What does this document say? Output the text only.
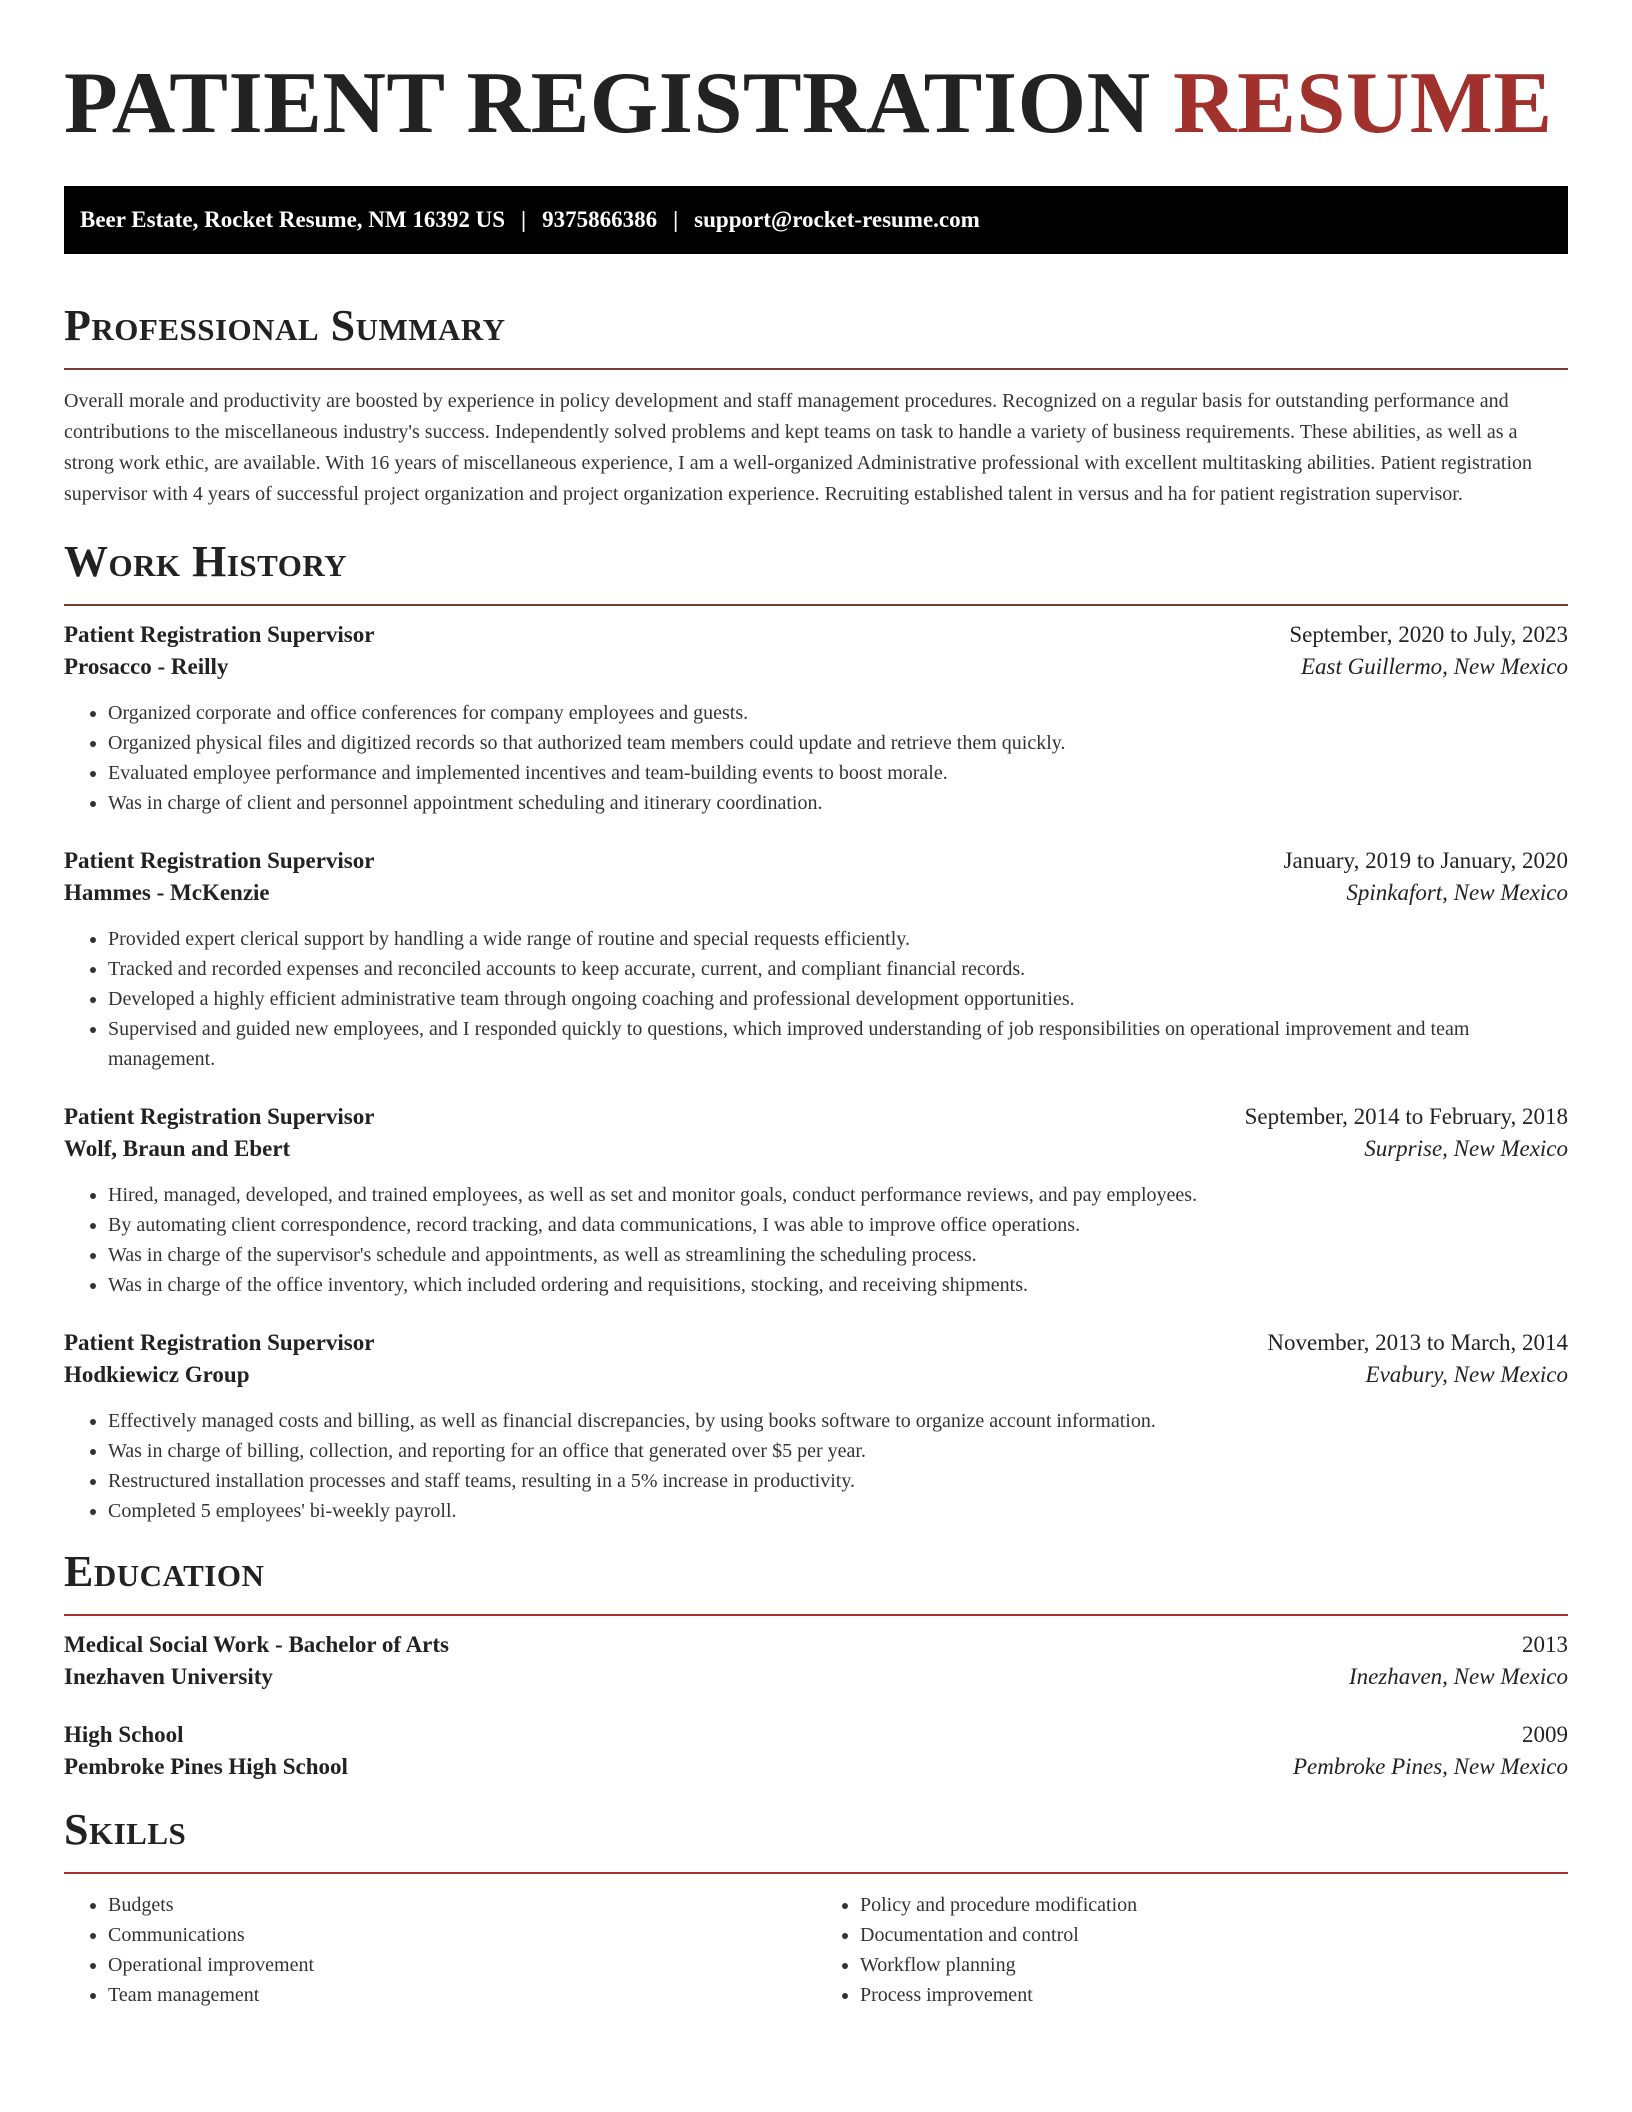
PATIENT REGISTRATION RESUME
Beer Estate, Rocket Resume, NM 16392 US | 9375866386 | support@rocket-resume.com
Professional Summary

Overall morale and productivity are boosted by experience in policy development and staff management procedures. Recognized on a regular basis for outstanding performance and contributions to the miscellaneous industry's success. Independently solved problems and kept teams on task to handle a variety of business requirements. These abilities, as well as a strong work ethic, are available. With 16 years of miscellaneous experience, I am a well-organized Administrative professional with excellent multitasking abilities. Patient registration supervisor with 4 years of successful project organization and project organization experience. Recruiting established talent in versus and ha for patient registration supervisor.

Work History
Patient Registration Supervisor	September, 2020 to July, 2023
Prosacco - Reilly	East Guillermo, New Mexico
• Organized corporate and office conferences for company employees and guests.
• Organized physical files and digitized records so that authorized team members could update and retrieve them quickly.
• Evaluated employee performance and implemented incentives and team-building events to boost morale.
• Was in charge of client and personnel appointment scheduling and itinerary coordination.
Patient Registration Supervisor	January, 2019 to January, 2020
Hammes - McKenzie	Spinkafort, New Mexico
• Provided expert clerical support by handling a wide range of routine and special requests efficiently.
• Tracked and recorded expenses and reconciled accounts to keep accurate, current, and compliant financial records.
• Developed a highly efficient administrative team through ongoing coaching and professional development opportunities.
• Supervised and guided new employees, and I responded quickly to questions, which improved understanding of job responsibilities on operational improvement and team management.
Patient Registration Supervisor	September, 2014 to February, 2018
Wolf, Braun and Ebert	Surprise, New Mexico
• Hired, managed, developed, and trained employees, as well as set and monitor goals, conduct performance reviews, and pay employees.
• By automating client correspondence, record tracking, and data communications, I was able to improve office operations.
• Was in charge of the supervisor's schedule and appointments, as well as streamlining the scheduling process.
• Was in charge of the office inventory, which included ordering and requisitions, stocking, and receiving shipments.
Patient Registration Supervisor	November, 2013 to March, 2014
Hodkiewicz Group	Evabury, New Mexico
• Effectively managed costs and billing, as well as financial discrepancies, by using books software to organize account information.
• Was in charge of billing, collection, and reporting for an office that generated over $5 per year.
• Restructured installation processes and staff teams, resulting in a 5% increase in productivity.
• Completed 5 employees' bi-weekly payroll.
Education
Medical Social Work - Bachelor of Arts	2013
Inezhaven University	Inezhaven, New Mexico
High School	2009
Pembroke Pines High School	Pembroke Pines, New Mexico
Skills
• Budgets
• Communications
• Operational improvement
• Team management
• Policy and procedure modification
• Documentation and control
• Workflow planning
• Process improvement
